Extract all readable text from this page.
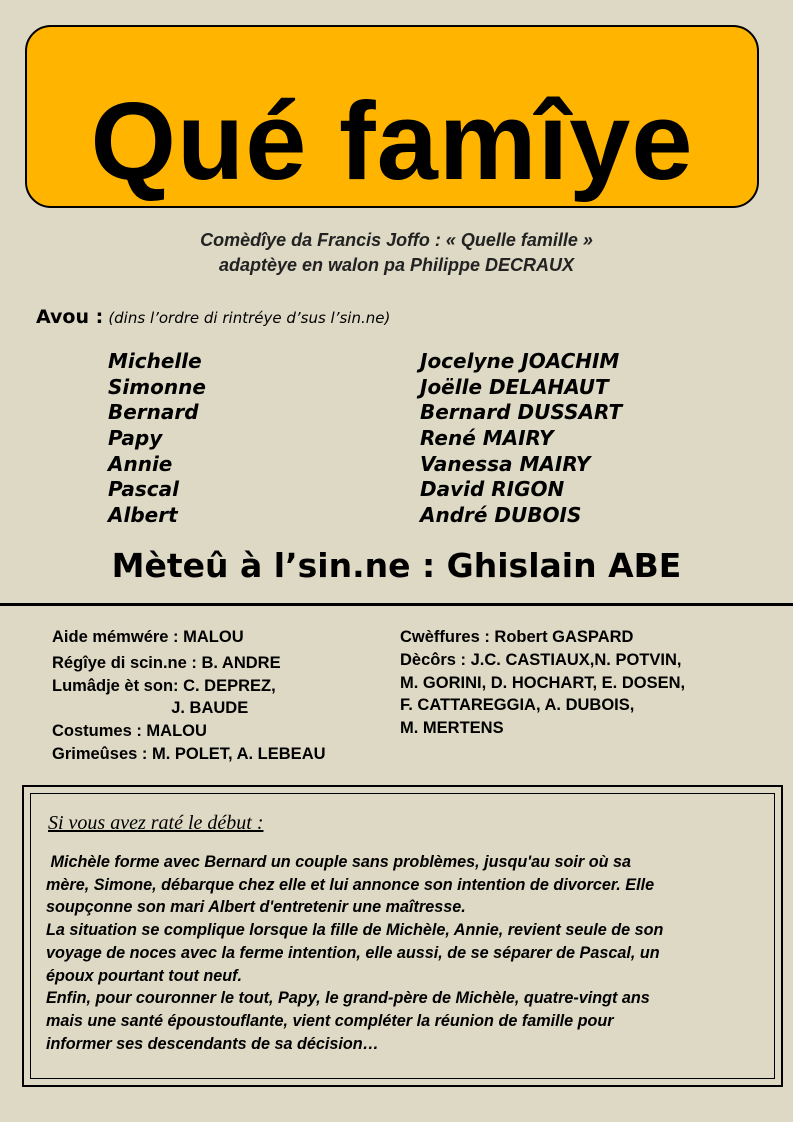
Qué famîye
Comèdîye da Francis Joffo : « Quelle famille »
adaptèye en walon pa Philippe DECRAUX
Avou : (dins l’ordre di rintréye d’sus l’sin.ne)
Michelle
Simonne
Bernard
Papy
Annie
Pascal
Albert
Jocelyne JOACHIM
Joëlle DELAHAUT
Bernard DUSSART
René MAIRY
Vanessa MAIRY
David RIGON
André DUBOIS
Mèteû à l’sin.ne : Ghislain ABE
Aide mémwére : MALOU
Régîye di scin.ne : B. ANDRE
Lumâdje èt son: C. DEPREZ,
J. BAUDE
Costumes : MALOU
Grimeûses : M. POLET, A. LEBEAU
Cwèffures : Robert GASPARD
Dècôrs : J.C. CASTIAUX,N. POTVIN,
M. GORINI, D. HOCHART, E. DOSEN,
F. CATTAREGGIA, A. DUBOIS,
M. MERTENS
Si vous avez raté le début :
Michèle forme avec Bernard un couple sans problèmes, jusqu'au soir où sa
mère, Simone, débarque chez elle et lui annonce son intention de divorcer. Elle
soupçonne son mari Albert d'entretenir une maîtresse.
La situation se complique lorsque la fille de Michèle, Annie, revient seule de son
voyage de noces avec la ferme intention, elle aussi, de se séparer de Pascal, un
époux pourtant tout neuf.
Enfin, pour couronner le tout, Papy, le grand-père de Michèle, quatre-vingt ans
mais une santé époustouflante, vient compléter la réunion de famille pour
informer ses descendants de sa décision…
